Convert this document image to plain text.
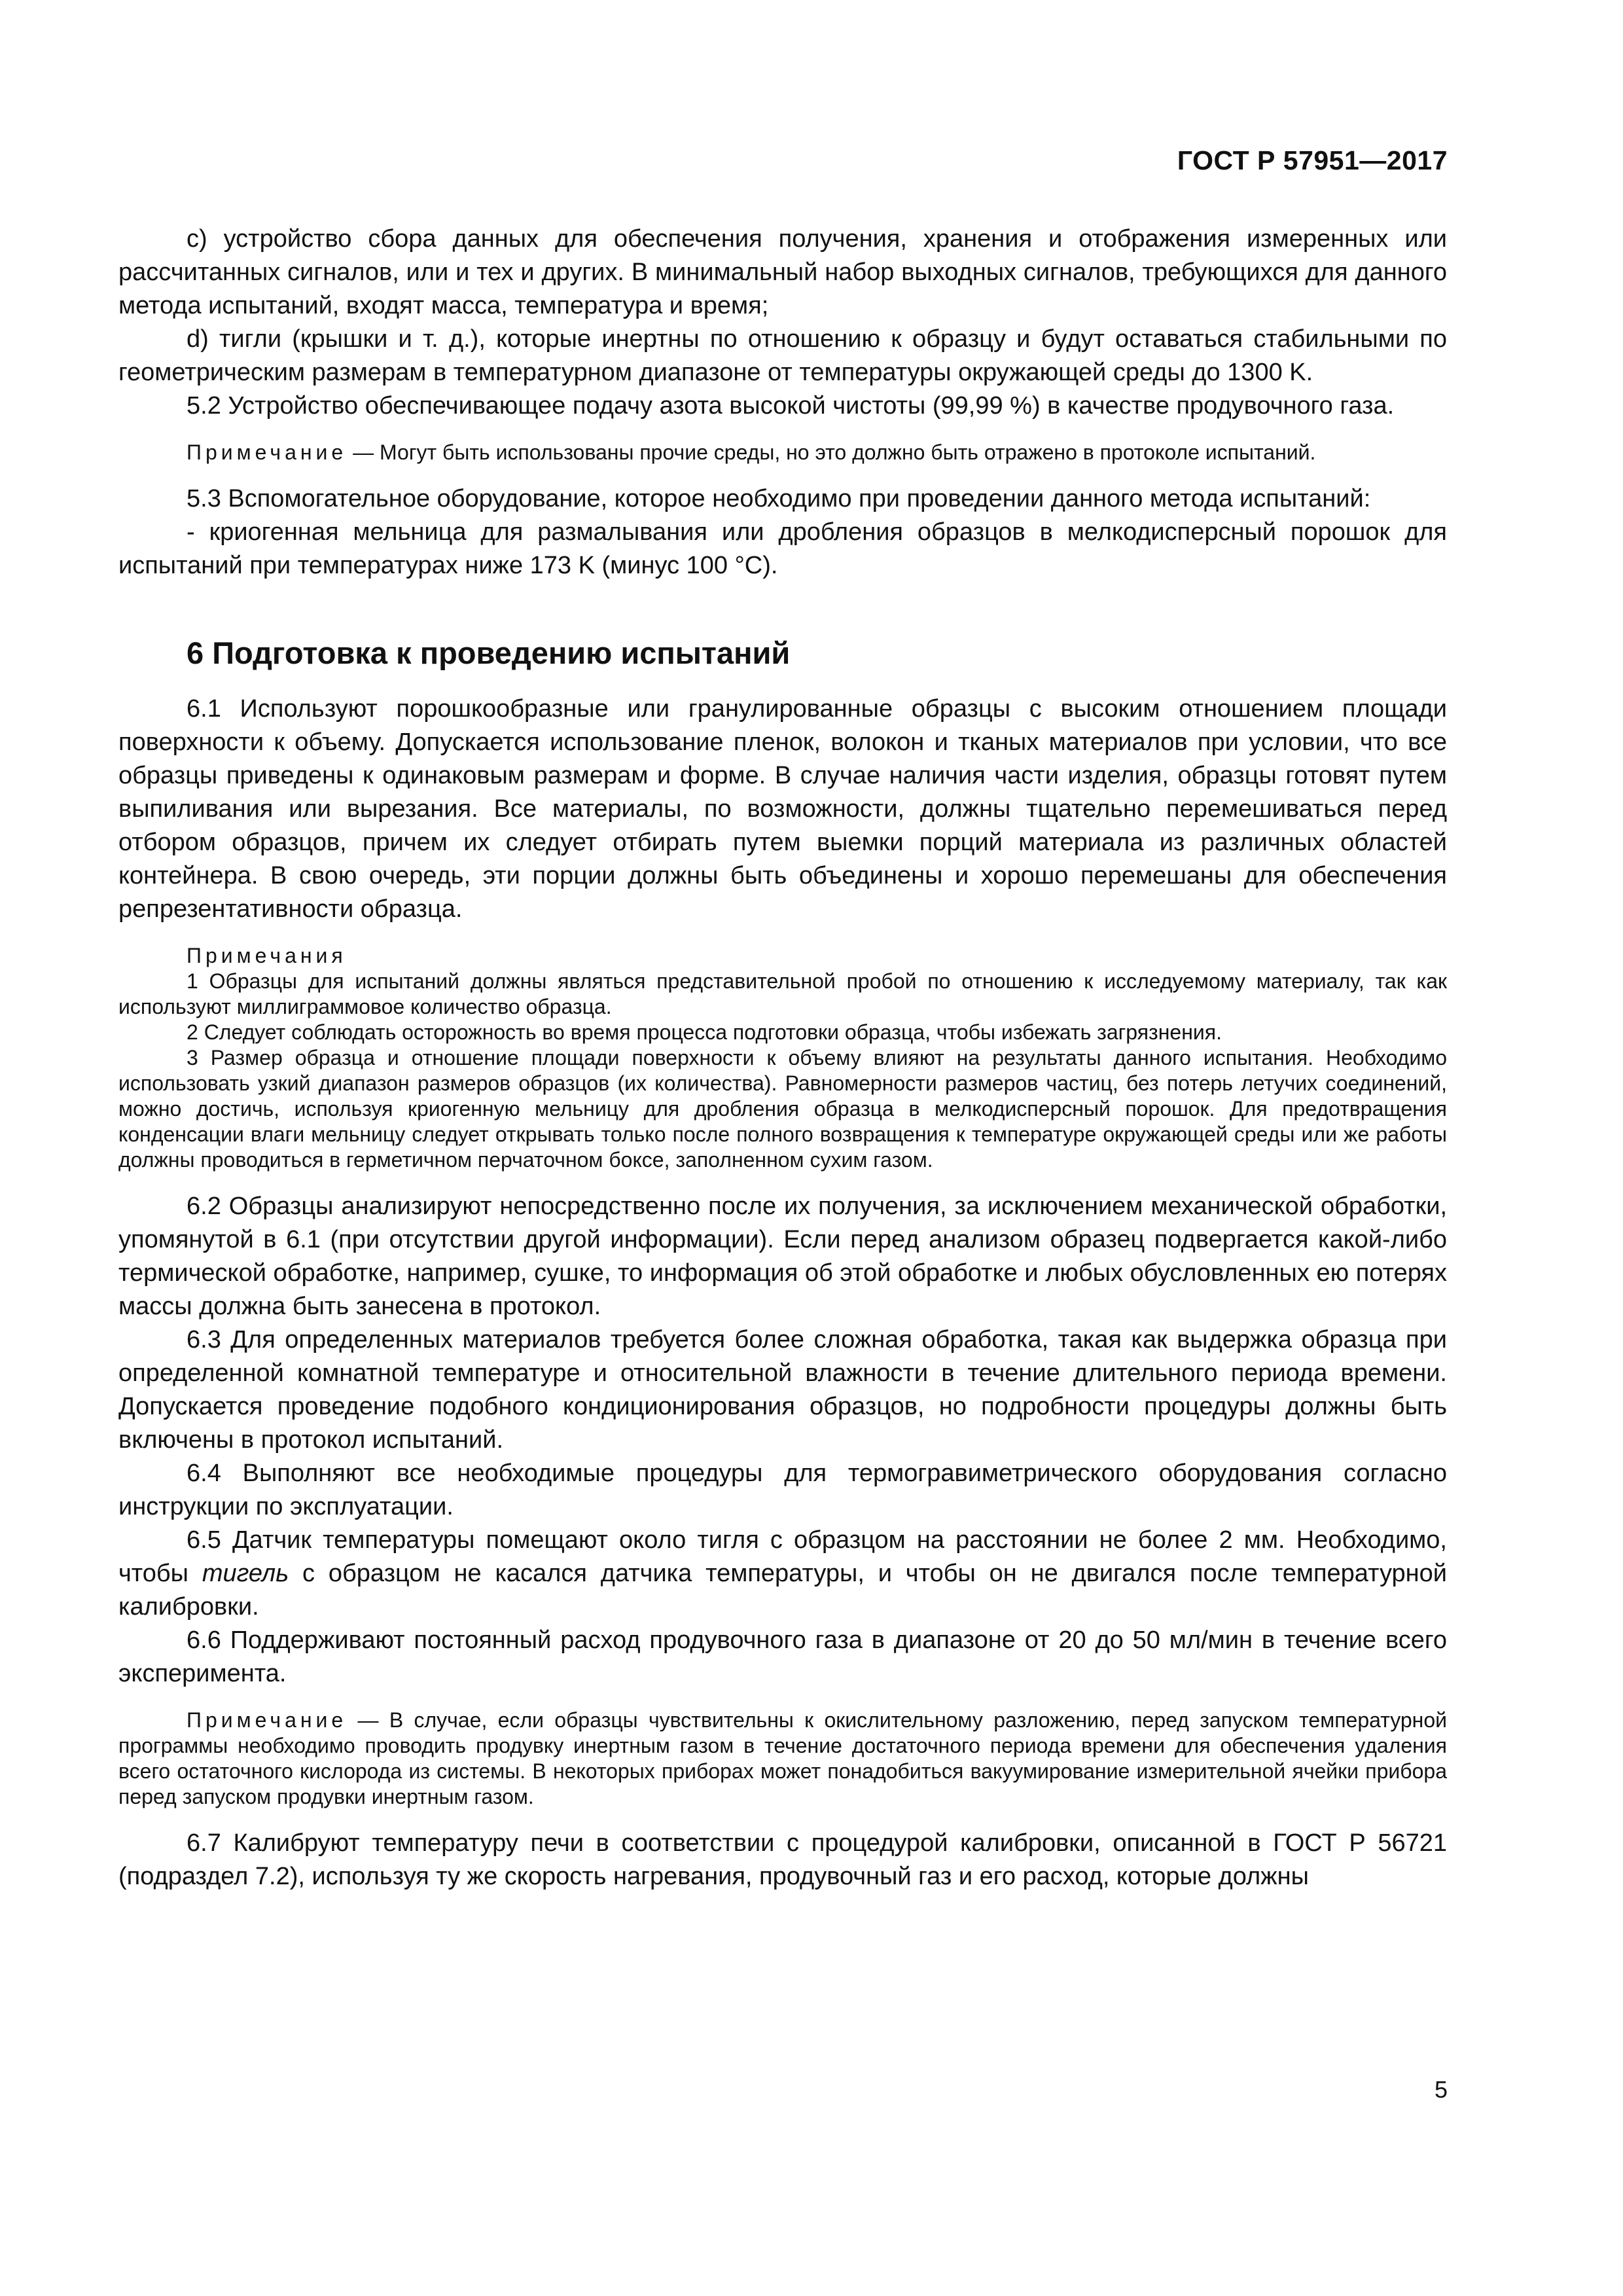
ГОСТ Р 57951—2017

c) устройство сбора данных для обеспечения получения, хранения и отображения измеренных или рассчитанных сигналов, или и тех и других. В минимальный набор выходных сигналов, требующихся для данного метода испытаний, входят масса, температура и время;

d) тигли (крышки и т. д.), которые инертны по отношению к образцу и будут оставаться стабильными по геометрическим размерам в температурном диапазоне от температуры окружающей среды до 1300 K.

5.2 Устройство обеспечивающее подачу азота высокой чистоты (99,99 %) в качестве продувочного газа.

Примечание — Могут быть использованы прочие среды, но это должно быть отражено в протоколе испытаний.

5.3 Вспомогательное оборудование, которое необходимо при проведении данного метода испытаний:

- криогенная мельница для размалывания или дробления образцов в мелкодисперсный порошок для испытаний при температурах ниже 173 K (минус 100 °C).

6 Подготовка к проведению испытаний

6.1 Используют порошкообразные или гранулированные образцы с высоким отношением площади поверхности к объему. Допускается использование пленок, волокон и тканых материалов при условии, что все образцы приведены к одинаковым размерам и форме. В случае наличия части изделия, образцы готовят путем выпиливания или вырезания. Все материалы, по возможности, должны тщательно перемешиваться перед отбором образцов, причем их следует отбирать путем выемки порций материала из различных областей контейнера. В свою очередь, эти порции должны быть объединены и хорошо перемешаны для обеспечения репрезентативности образца.

Примечания

1 Образцы для испытаний должны являться представительной пробой по отношению к исследуемому материалу, так как используют миллиграммовое количество образца.

2 Следует соблюдать осторожность во время процесса подготовки образца, чтобы избежать загрязнения.

3 Размер образца и отношение площади поверхности к объему влияют на результаты данного испытания. Необходимо использовать узкий диапазон размеров образцов (их количества). Равномерности размеров частиц, без потерь летучих соединений, можно достичь, используя криогенную мельницу для дробления образца в мелкодисперсный порошок. Для предотвращения конденсации влаги мельницу следует открывать только после полного возвращения к температуре окружающей среды или же работы должны проводиться в герметичном перчаточном боксе, заполненном сухим газом.

6.2 Образцы анализируют непосредственно после их получения, за исключением механической обработки, упомянутой в 6.1 (при отсутствии другой информации). Если перед анализом образец подвергается какой-либо термической обработке, например, сушке, то информация об этой обработке и любых обусловленных ею потерях массы должна быть занесена в протокол.

6.3 Для определенных материалов требуется более сложная обработка, такая как выдержка образца при определенной комнатной температуре и относительной влажности в течение длительного периода времени. Допускается проведение подобного кондиционирования образцов, но подробности процедуры должны быть включены в протокол испытаний.

6.4 Выполняют все необходимые процедуры для термогравиметрического оборудования согласно инструкции по эксплуатации.

6.5 Датчик температуры помещают около тигля с образцом на расстоянии не более 2 мм. Необходимо, чтобы тигель с образцом не касался датчика температуры, и чтобы он не двигался после температурной калибровки.

6.6 Поддерживают постоянный расход продувочного газа в диапазоне от 20 до 50 мл/мин в течение всего эксперимента.

Примечание — В случае, если образцы чувствительны к окислительному разложению, перед запуском температурной программы необходимо проводить продувку инертным газом в течение достаточного периода времени для обеспечения удаления всего остаточного кислорода из системы. В некоторых приборах может понадобиться вакуумирование измерительной ячейки прибора перед запуском продувки инертным газом.

6.7 Калибруют температуру печи в соответствии с процедурой калибровки, описанной в ГОСТ Р 56721 (подраздел 7.2), используя ту же скорость нагревания, продувочный газ и его расход, которые должны

5
